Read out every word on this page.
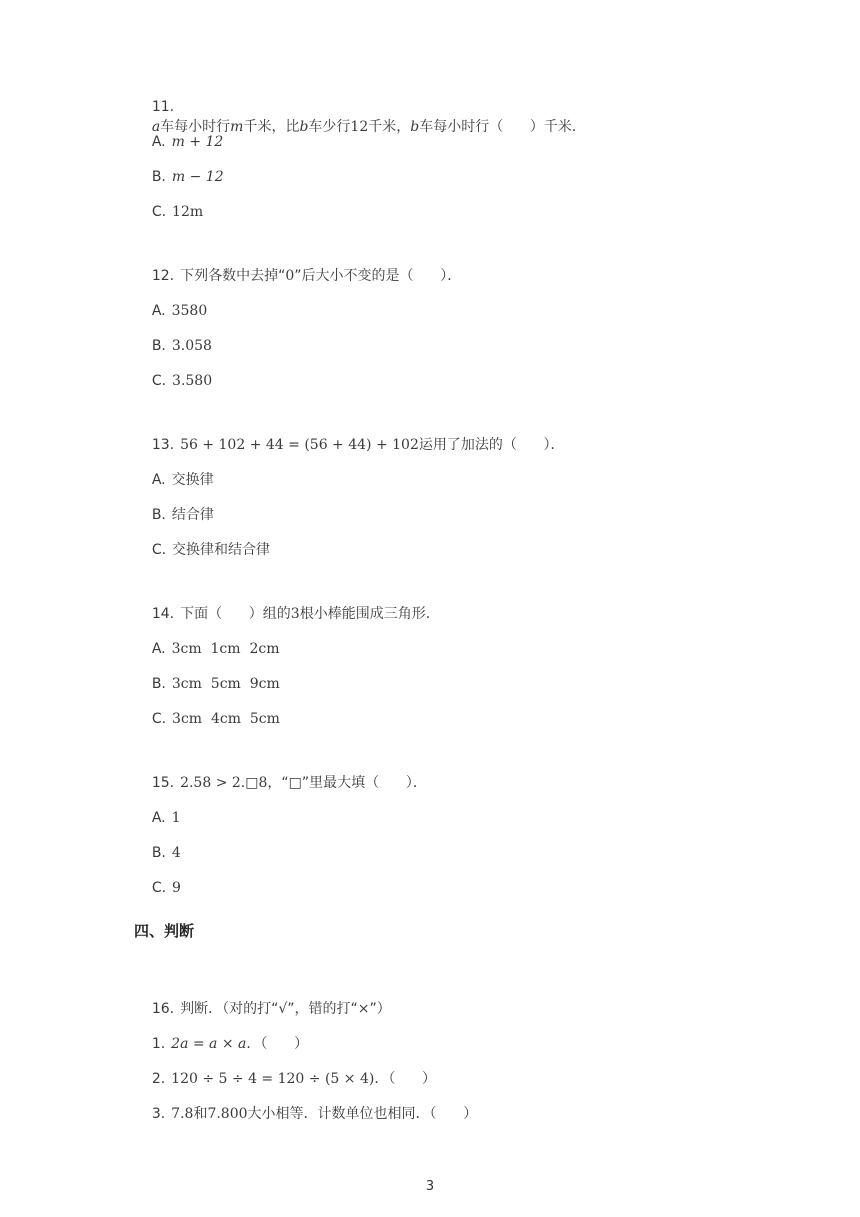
11.
a车每小时行m千米，比b车少行12千米，b车每小时行（      ）千米．

A. m + 12

B. m − 12

C. 12m

12. 下列各数中去掉“0”后大小不变的是（      ）．

A. 3580

B. 3.058

C. 3.580

13. 56 + 102 + 44 = (56 + 44) + 102运用了加法的（      ）．

A. 交换律

B. 结合律

C. 交换律和结合律

14. 下面（      ）组的3根小棒能围成三角形．

A. 3cm  1cm  2cm

B. 3cm  5cm  9cm

C. 3cm  4cm  5cm

15. 2.58 > 2.□8，“□”里最大填（      ）．

A. 1

B. 4

C. 9

四、判断

16. 判断．（对的打“√”，错的打“×”）

1. 2a = a × a．（      ）

2. 120 ÷ 5 ÷ 4 = 120 ÷ (5 × 4)．（      ）

3. 7.8和7.800大小相等．计数单位也相同．（      ）

3
